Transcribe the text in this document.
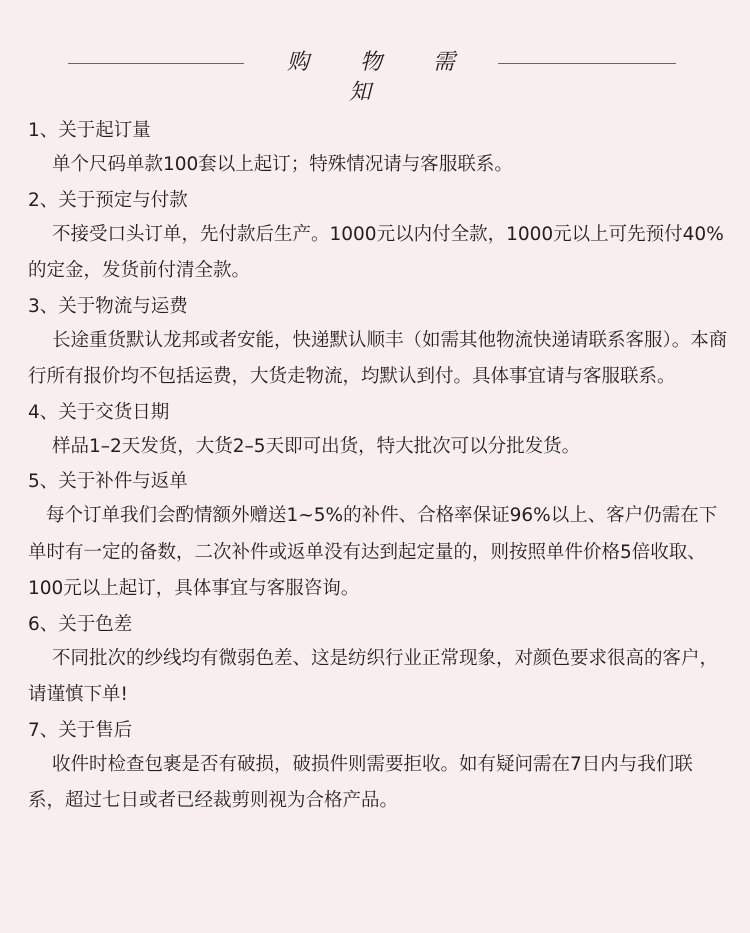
购 物 需 知
1、关于起订量

单个尺码单款100套以上起订；特殊情况请与客服联系。

2、关于预定与付款

不接受口头订单，先付款后生产。1000元以内付全款，1000元以上可先预付40%的定金，发货前付清全款。

3、关于物流与运费

长途重货默认龙邦或者安能，快递默认顺丰（如需其他物流快递请联系客服）。本商行所有报价均不包括运费，大货走物流，均默认到付。具体事宜请与客服联系。

4、关于交货日期

样品1–2天发货，大货2–5天即可出货，特大批次可以分批发货。

5、关于补件与返单

每个订单我们会酌情额外赠送1~5%的补件、合格率保证96%以上、客户仍需在下单时有一定的备数，二次补件或返单没有达到起定量的，则按照单件价格5倍收取、100元以上起订，具体事宜与客服咨询。

6、关于色差

不同批次的纱线均有微弱色差、这是纺织行业正常现象，对颜色要求很高的客户，请谨慎下单!

7、关于售后

收件时检查包裹是否有破损，破损件则需要拒收。如有疑问需在7日内与我们联系，超过七日或者已经裁剪则视为合格产品。
